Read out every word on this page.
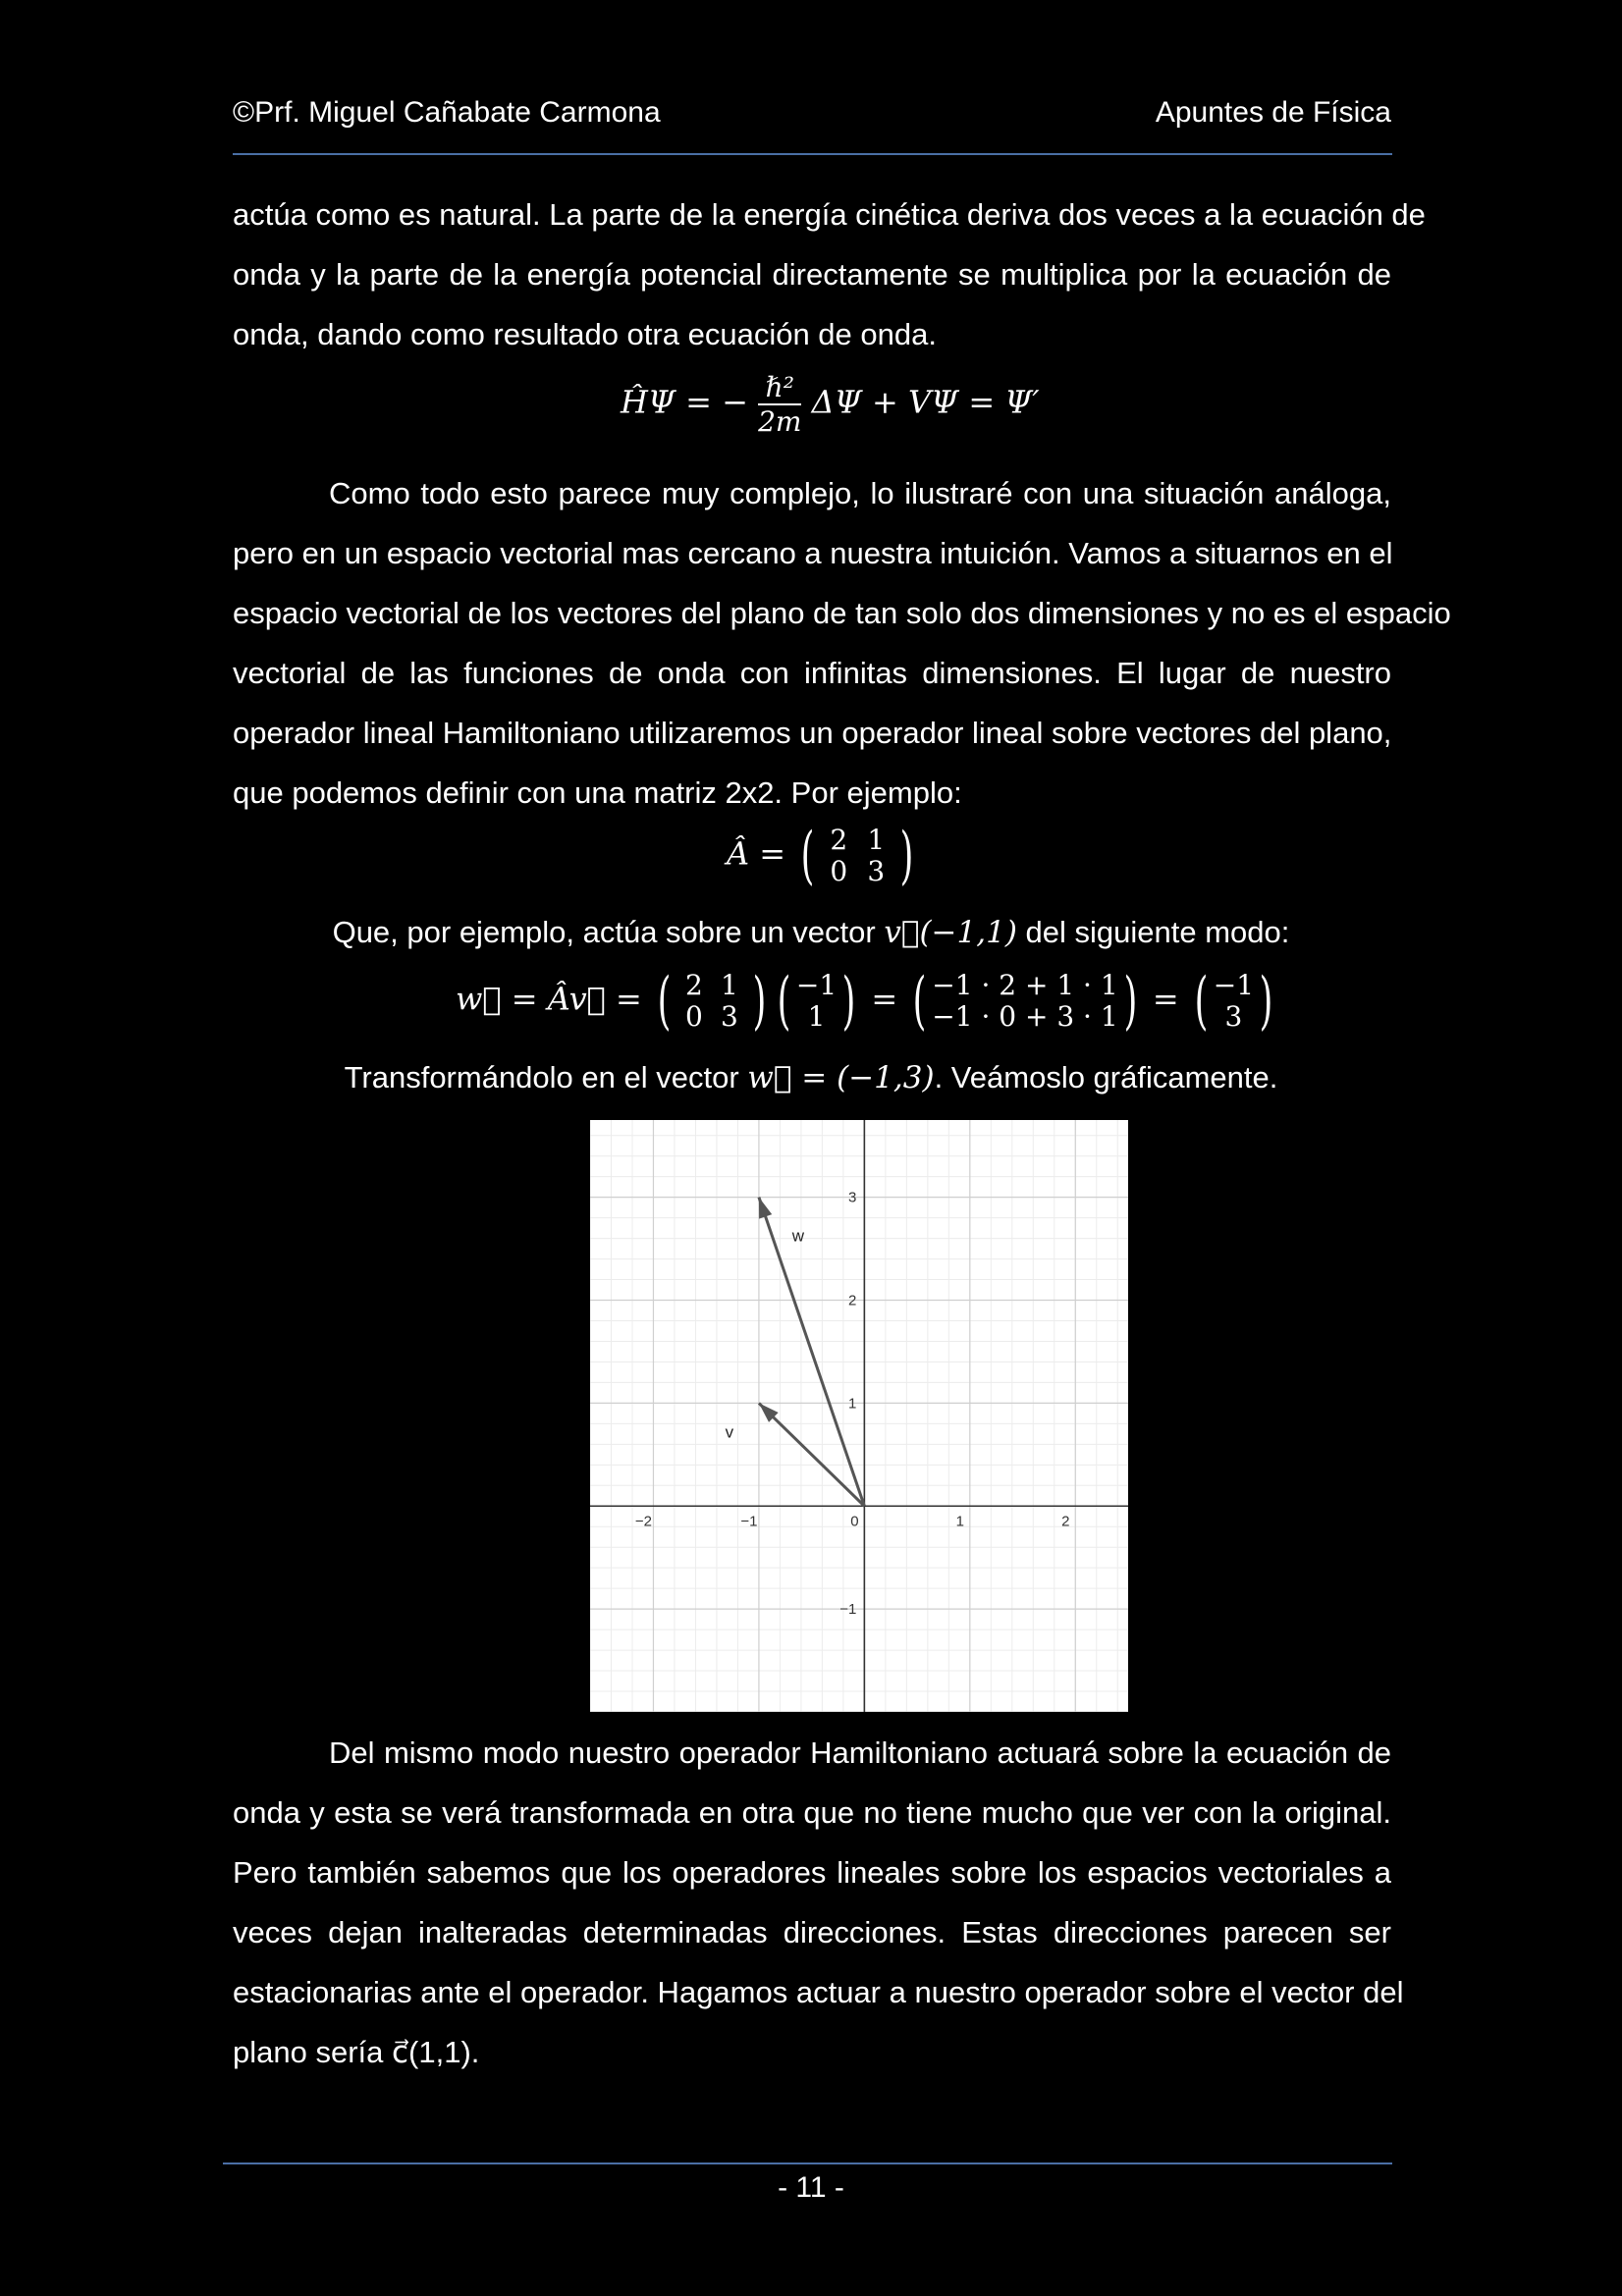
©Prf. Miguel Cañabate Carmona	Apuntes de Física
actúa como es natural. La parte de la energía cinética deriva dos veces a la ecuación de
onda y la parte de la energía potencial directamente se multiplica por la ecuación de
onda, dando como resultado otra ecuación de onda.
ĤΨ = − $\frac{\text{ℏ²}}{2m}$ ΔΨ + VΨ = Ψ′
Como todo esto parece muy complejo, lo ilustraré con una situación análoga,
pero en un espacio vectorial mas cercano a nuestra intuición. Vamos a situarnos en el
espacio vectorial de los vectores del plano de tan solo dos dimensiones y no es el espacio
vectorial de las funciones de onda con infinitas dimensiones. El lugar de nuestro
operador lineal Hamiltoniano utilizaremos un operador lineal sobre vectores del plano,
que podemos definir con una matriz 2x2. Por ejemplo:
Â = ( 2 1
0 3 )
Que, por ejemplo, actúa sobre un vector v⃗(−1,1) del siguiente modo:
w⃗ = Âv⃗ = ( 2 1
0 3 ) ( −1
1 ) = ( −1 · 2 + 1 · 1
−1 · 0 + 3 · 1 ) = ( −1
3 )
Transformándolo en el vector w⃗ = (−1,3). Veámoslo gráficamente.
−2	−1	0	1	2
−1
1
2
3
v
w
Del mismo modo nuestro operador Hamiltoniano actuará sobre la ecuación de
onda y esta se verá transformada en otra que no tiene mucho que ver con la original.
Pero también sabemos que los operadores lineales sobre los espacios vectoriales a
veces dejan inalteradas determinadas direcciones. Estas direcciones parecen ser
estacionarias ante el operador. Hagamos actuar a nuestro operador sobre el vector del
plano sería c⃗(1,1).
- 11 -
